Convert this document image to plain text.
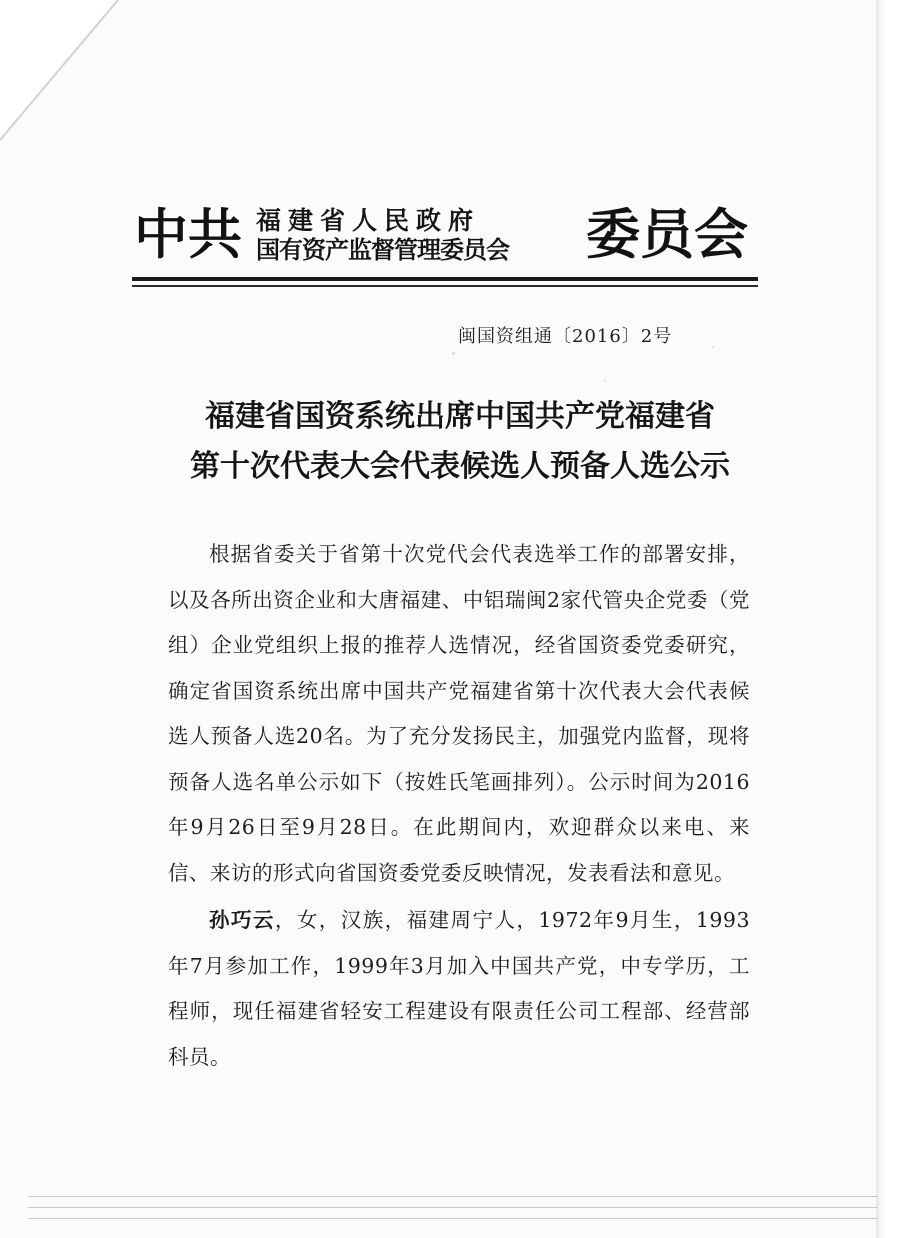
中共 福建省人民政府
国有资产监督管理委员会	委员会
闽国资组通〔2016〕2号
福建省国资系统出席中国共产党福建省
第十次代表大会代表候选人预备人选公示

根据省委关于省第十次党代会代表选举工作的部署安排，以及各所出资企业和大唐福建、中铝瑞闽2家代管央企党委（党组）企业党组织上报的推荐人选情况，经省国资委党委研究，确定省国资系统出席中国共产党福建省第十次代表大会代表候选人预备人选20名。为了充分发扬民主，加强党内监督，现将预备人选名单公示如下（按姓氏笔画排列）。公示时间为2016年9月26日至9月28日。在此期间内，欢迎群众以来电、来信、来访的形式向省国资委党委反映情况，发表看法和意见。

孙巧云，女，汉族，福建周宁人，1972年9月生，1993年7月参加工作，1999年3月加入中国共产党，中专学历，工程师，现任福建省轻安工程建设有限责任公司工程部、经营部科员。
